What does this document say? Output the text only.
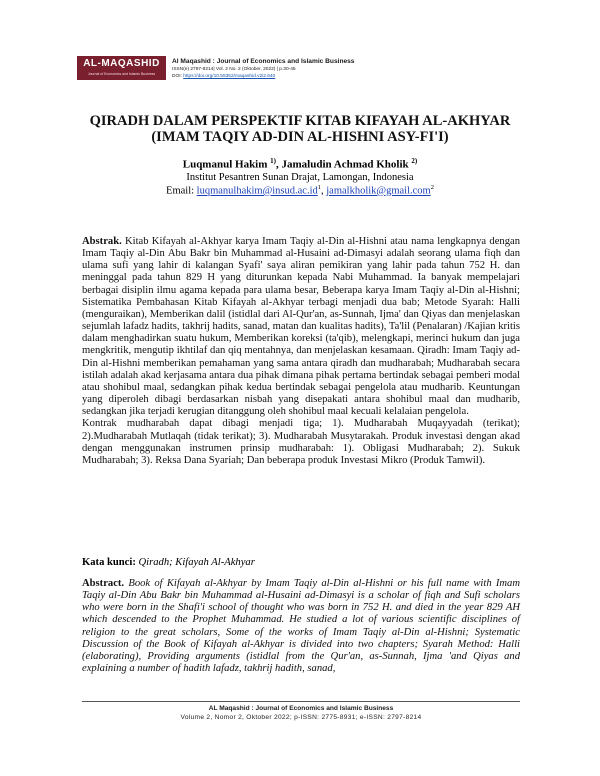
AL-MAQASHID
Journal of Economics and Islamic Business
Al Maqashid : Journal of Economics and Islamic Business
ISSN(e) 2797-8214| Vol. 2 No. 2 (Oktober, 2022) | p.30-45
DOI: https://doi.org/10.55352/maqashid.v2i2.640
QIRADH DALAM PERSPEKTIF KITAB KIFAYAH AL-AKHYAR
(IMAM TAQIY AD-DIN AL-HISHNI ASY-FI'I)
Luqmanul Hakim $^{1)}$, Jamaludin Achmad Kholik $^{2)}$
Institut Pesantren Sunan Drajat, Lamongan, Indonesia
Email: $luqmanulhakim@insud.ac.id^1$, jamalkholik@gmail.com$^2$

Abstrak. Kitab Kifayah al-Akhyar karya Imam Taqiy al-Din al-Hishni atau nama lengkapnya dengan Imam Taqiy al-Din Abu Bakr bin Muhammad al-Husaini ad-Dimasyi adalah seorang ulama fiqh dan ulama sufi yang lahir di kalangan Syafi' saya aliran pemikiran yang lahir pada tahun 752 H. dan meninggal pada tahun 829 H yang diturunkan kepada Nabi Muhammad. Ia banyak mempelajari berbagai disiplin ilmu agama kepada para ulama besar, Beberapa karya Imam Taqiy al-Din al-Hishni; Sistematika Pembahasan Kitab Kifayah al-Akhyar terbagi menjadi dua bab; Metode Syarah: Halli (menguraikan), Memberikan dalil (istidlal dari Al-Qur'an, as-Sunnah, Ijma' dan Qiyas dan menjelaskan sejumlah lafadz hadits, takhrij hadits, sanad, matan dan kualitas hadits), Ta'lil (Penalaran) /Kajian kritis dalam menghadirkan suatu hukum, Memberikan koreksi (ta'qib), melengkapi, merinci hukum dan juga mengkritik, mengutip ikhtilaf dan qiq mentahnya, dan menjelaskan kesamaan. Qiradh: Imam Taqiy ad-Din al-Hishni memberikan pemahaman yang sama antara qiradh dan mudharabah; Mudharabah secara istilah adalah akad kerjasama antara dua pihak dimana pihak pertama bertindak sebagai pemberi modal atau shohibul maal, sedangkan pihak kedua bertindak sebagai pengelola atau mudharib. Keuntungan yang diperoleh dibagi berdasarkan nisbah yang disepakati antara shohibul maal dan mudharib, sedangkan jika terjadi kerugian ditanggung oleh shohibul maal kecuali kelalaian pengelola.

Kontrak mudharabah dapat dibagi menjadi tiga; 1). Mudharabah Muqayyadah (terikat); 2).Mudharabah Mutlaqah (tidak terikat); 3). Mudharabah Musytarakah. Produk investasi dengan akad dengan menggunakan instrumen prinsip mudharabah: 1). Obligasi Mudharabah; 2). Sukuk Mudharabah; 3). Reksa Dana Syariah; Dan beberapa produk Investasi Mikro (Produk Tamwil).

Kata kunci: Qiradh; Kifayah Al-Akhyar

Abstract. Book of Kifayah al-Akhyar by Imam Taqiy al-Din al-Hishni or his full name with Imam Taqiy al-Din Abu Bakr bin Muhammad al-Husaini ad-Dimasyi is a scholar of fiqh and Sufi scholars who were born in the Shafi'i school of thought who was born in 752 H. and died in the year 829 AH which descended to the Prophet Muhammad. He studied a lot of various scientific disciplines of religion to the great scholars, Some of the works of Imam Taqiy al-Din al-Hishni; Systematic Discussion of the Book of Kifayah al-Akhyar is divided into two chapters; Syarah Method: Halli (elaborating), Providing arguments (istidlal from the Qur'an, as-Sunnah, Ijma 'and Qiyas and explaining a number of hadith lafadz, takhrij hadith, sanad,

AL Maqashid : Journal of Economics and Islamic Business
Volume 2, Nomor 2, Oktober 2022; p-ISSN: 2775-8931; e-ISSN: 2797-8214
